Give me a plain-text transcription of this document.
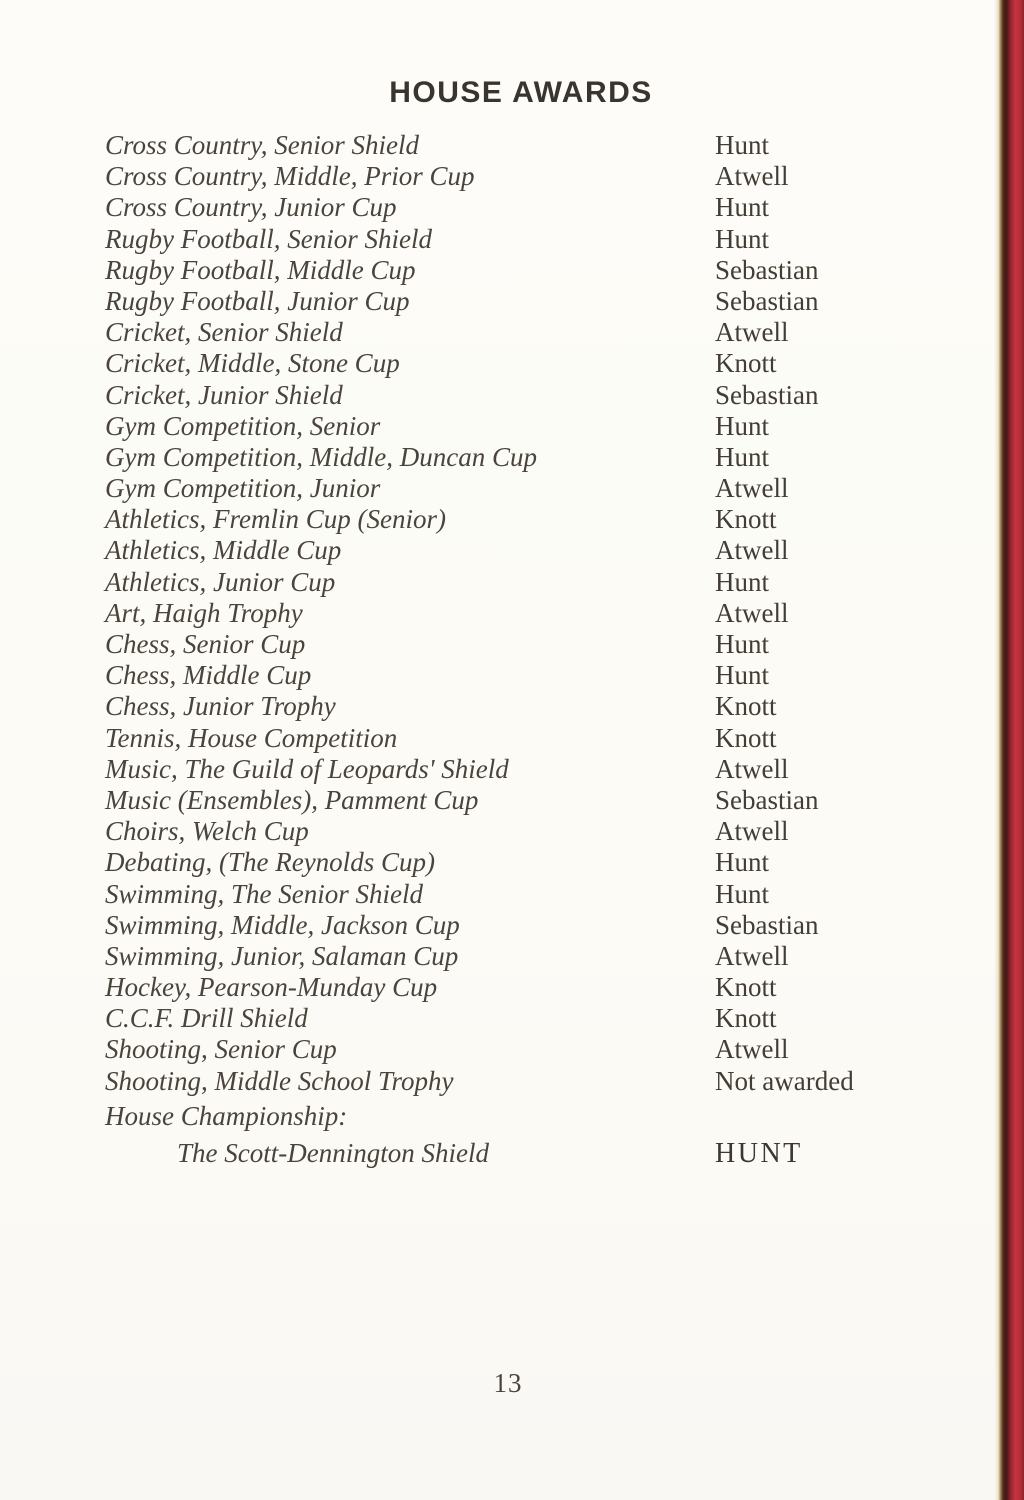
HOUSE AWARDS
Cross Country, Senior Shield	Hunt
Cross Country, Middle, Prior Cup	Atwell
Cross Country, Junior Cup	Hunt
Rugby Football, Senior Shield	Hunt
Rugby Football, Middle Cup	Sebastian
Rugby Football, Junior Cup	Sebastian
Cricket, Senior Shield	Atwell
Cricket, Middle, Stone Cup	Knott
Cricket, Junior Shield	Sebastian
Gym Competition, Senior	Hunt
Gym Competition, Middle, Duncan Cup	Hunt
Gym Competition, Junior	Atwell
Athletics, Fremlin Cup (Senior)	Knott
Athletics, Middle Cup	Atwell
Athletics, Junior Cup	Hunt
Art, Haigh Trophy	Atwell
Chess, Senior Cup	Hunt
Chess, Middle Cup	Hunt
Chess, Junior Trophy	Knott
Tennis, House Competition	Knott
Music, The Guild of Leopards' Shield	Atwell
Music (Ensembles), Pamment Cup	Sebastian
Choirs, Welch Cup	Atwell
Debating, (The Reynolds Cup)	Hunt
Swimming, The Senior Shield	Hunt
Swimming, Middle, Jackson Cup	Sebastian
Swimming, Junior, Salaman Cup	Atwell
Hockey, Pearson-Munday Cup	Knott
C.C.F. Drill Shield	Knott
Shooting, Senior Cup	Atwell
Shooting, Middle School Trophy	Not awarded
House Championship:
The Scott-Dennington Shield	HUNT
13
